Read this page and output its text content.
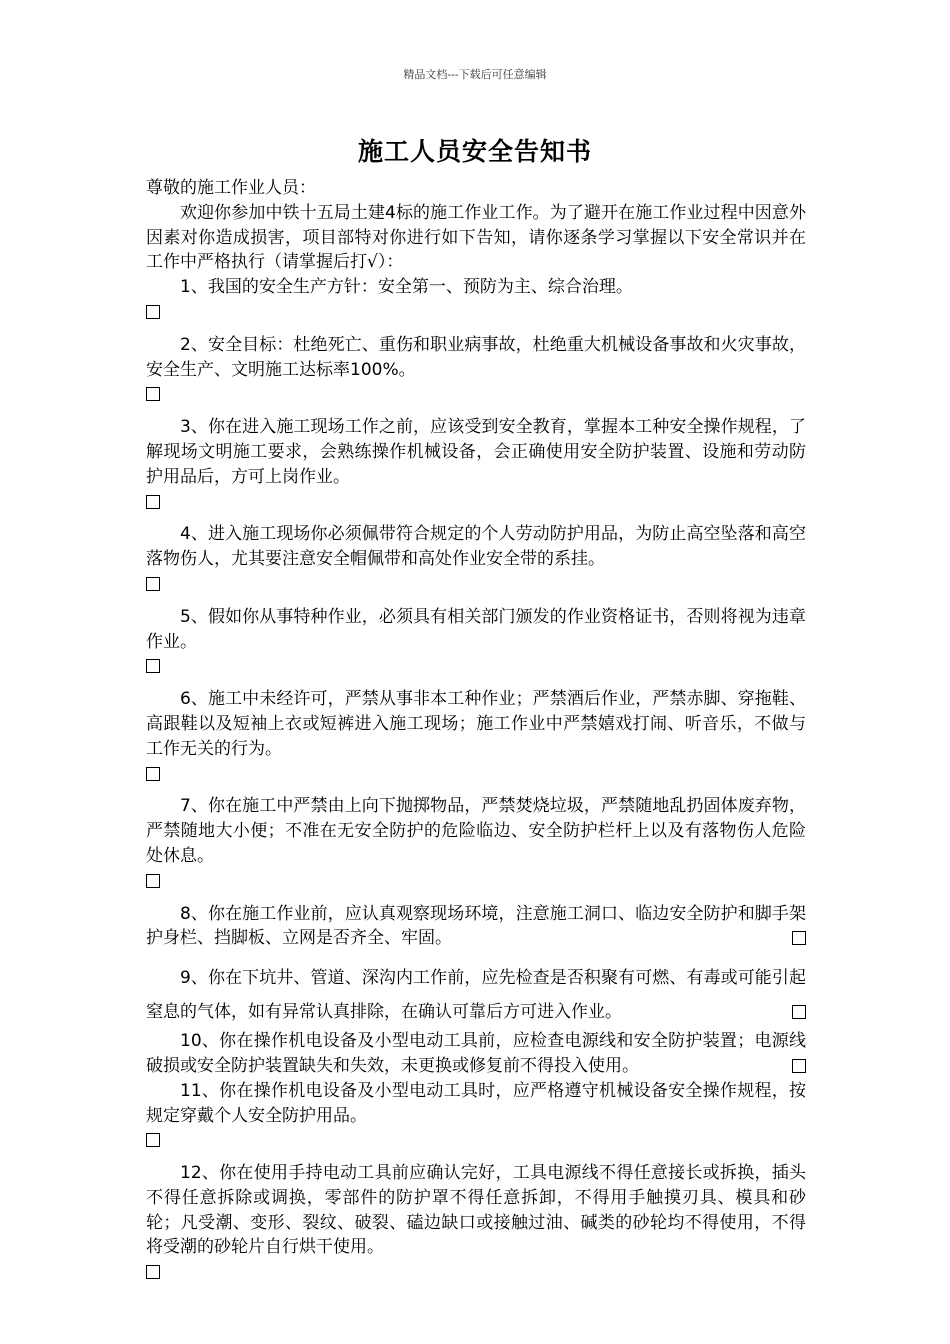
精品文档---下载后可任意编辑
施工人员安全告知书

尊敬的施工作业人员：

欢迎你参加中铁十五局土建4标的施工作业工作。为了避开在施工作业过程中因意外因素对你造成损害，项目部特对你进行如下告知，请你逐条学习掌握以下安全常识并在工作中严格执行（请掌握后打√）：

1、我国的安全生产方针：安全第一、预防为主、综合治理。

2、安全目标：杜绝死亡、重伤和职业病事故，杜绝重大机械设备事故和火灾事故，安全生产、文明施工达标率100%。

3、你在进入施工现场工作之前，应该受到安全教育，掌握本工种安全操作规程，了解现场文明施工要求，会熟练操作机械设备，会正确使用安全防护装置、设施和劳动防护用品后，方可上岗作业。

4、进入施工现场你必须佩带符合规定的个人劳动防护用品，为防止高空坠落和高空落物伤人，尤其要注意安全帽佩带和高处作业安全带的系挂。

5、假如你从事特种作业，必须具有相关部门颁发的作业资格证书，否则将视为违章作业。

6、施工中未经许可，严禁从事非本工种作业；严禁酒后作业，严禁赤脚、穿拖鞋、高跟鞋以及短袖上衣或短裤进入施工现场；施工作业中严禁嬉戏打闹、听音乐，不做与工作无关的行为。

7、你在施工中严禁由上向下抛掷物品，严禁焚烧垃圾，严禁随地乱扔固体废弃物，严禁随地大小便；不准在无安全防护的危险临边、安全防护栏杆上以及有落物伤人危险处休息。

8、你在施工作业前，应认真观察现场环境，注意施工洞口、临边安全防护和脚手架护身栏、挡脚板、立网是否齐全、牢固。

9、你在下坑井、管道、深沟内工作前，应先检查是否积聚有可燃、有毒或可能引起窒息的气体，如有异常认真排除，在确认可靠后方可进入作业。

10、你在操作机电设备及小型电动工具前，应检查电源线和安全防护装置；电源线破损或安全防护装置缺失和失效，未更换或修复前不得投入使用。

11、你在操作机电设备及小型电动工具时，应严格遵守机械设备安全操作规程，按规定穿戴个人安全防护用品。

12、你在使用手持电动工具前应确认完好，工具电源线不得任意接长或拆换，插头不得任意拆除或调换，零部件的防护罩不得任意拆卸，不得用手触摸刃具、模具和砂轮；凡受潮、变形、裂纹、破裂、磕边缺口或接触过油、碱类的砂轮均不得使用，不得将受潮的砂轮片自行烘干使用。
